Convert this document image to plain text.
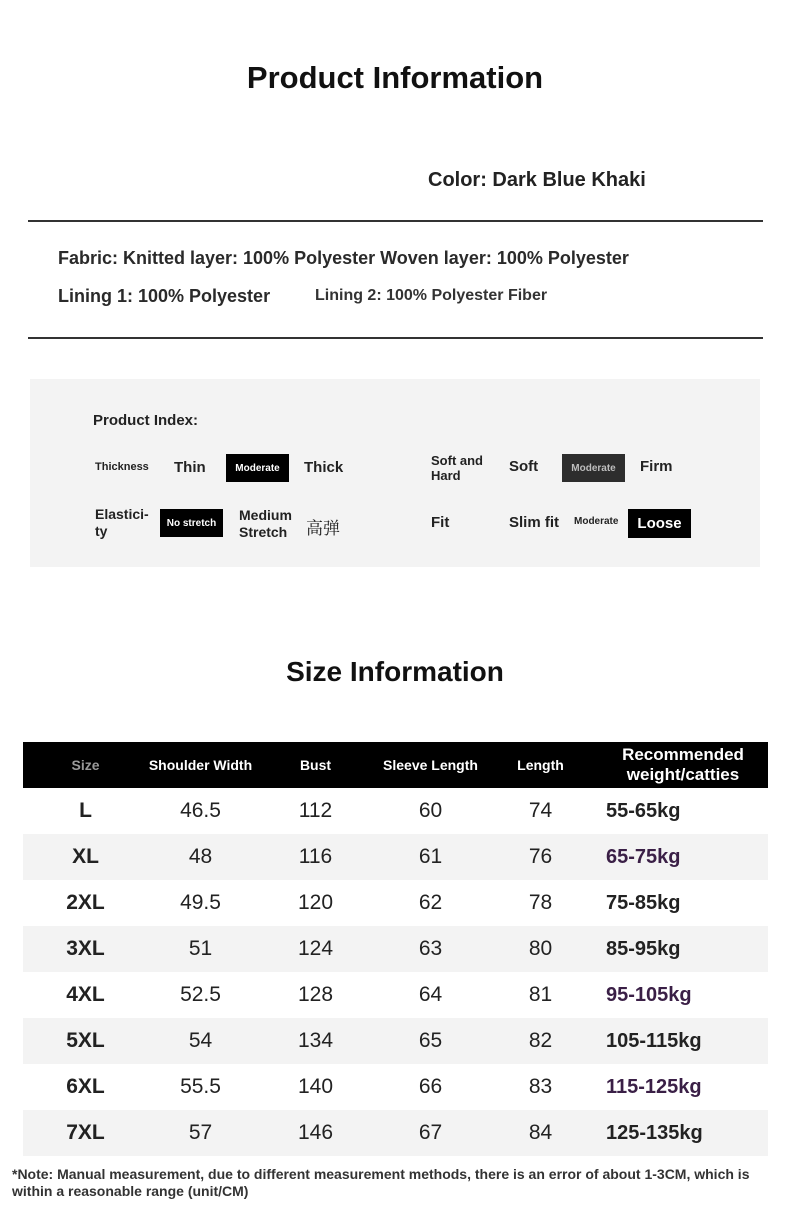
Product Information
Color: Dark Blue Khaki
Fabric: Knitted layer: 100% Polyester Woven layer: 100% Polyester
Lining 1: 100% Polyester	Lining 2: 100% Polyester Fiber
Product Index:
Thickness Thin	Moderate	Thick	Soft and Hard
Soft	Moderate	Firm
Elastici-ty	No stretch	Medium Stretch	高弹	Fit	Slim fit Moderate	Loose
Size Information
Size	Shoulder Width	Bust	Sleeve Length	Length	Recommended weight/catties
L	46.5	112	60	74	55-65kg
XL	48	116	61	76	65-75kg
2XL	49.5	120	62	78	75-85kg
3XL	51	124	63	80	85-95kg
4XL	52.5	128	64	81	95-105kg
5XL	54	134	65	82	105-115kg
6XL	55.5	140	66	83	115-125kg
7XL	57	146	67	84	125-135kg
*Note: Manual measurement, due to different measurement methods, there is an error of about 1-3CM, which is within a reasonable range (unit/CM)
